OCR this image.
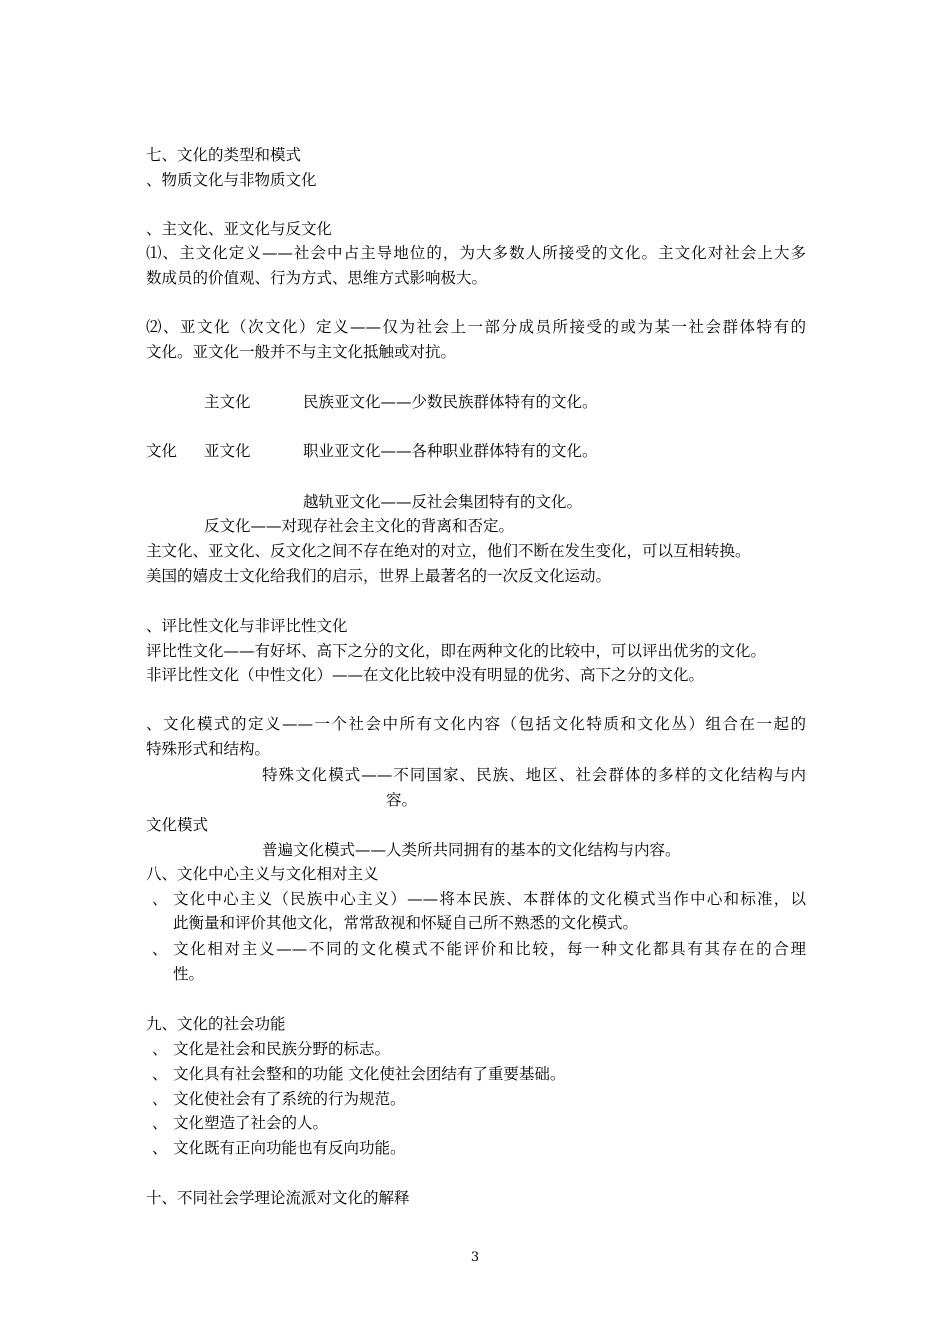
七、文化的类型和模式
、物质文化与非物质文化
、主文化、亚文化与反文化
⑴、主文化定义——社会中占主导地位的，为大多数人所接受的文化。主文化对社会上大多
数成员的价值观、行为方式、思维方式影响极大。
⑵、亚文化（次文化）定义——仅为社会上一部分成员所接受的或为某一社会群体特有的
文化。亚文化一般并不与主文化抵触或对抗。
主文化	民族亚文化——少数民族群体特有的文化。
文化 亚文化	职业亚文化——各种职业群体特有的文化。
越轨亚文化——反社会集团特有的文化。
反文化——对现存社会主文化的背离和否定。
主文化、亚文化、反文化之间不存在绝对的对立，他们不断在发生变化，可以互相转换。
美国的嬉皮士文化给我们的启示，世界上最著名的一次反文化运动。
、评比性文化与非评比性文化
评比性文化——有好坏、高下之分的文化，即在两种文化的比较中，可以评出优劣的文化。
非评比性文化（中性文化）——在文化比较中没有明显的优劣、高下之分的文化。
、文化模式的定义——一个社会中所有文化内容（包括文化特质和文化丛）组合在一起的
特殊形式和结构。
特殊文化模式——不同国家、民族、地区、社会群体的多样的文化结构与内
容。
文化模式
普遍文化模式——人类所共同拥有的基本的文化结构与内容。
八、文化中心主义与文化相对主义
、 文化中心主义（民族中心主义）——将本民族、本群体的文化模式当作中心和标准，以
此衡量和评价其他文化，常常敌视和怀疑自己所不熟悉的文化模式。
、 文化相对主义——不同的文化模式不能评价和比较，每一种文化都具有其存在的合理
性。
九、文化的社会功能
、 文化是社会和民族分野的标志。
、 文化具有社会整和的功能 文化使社会团结有了重要基础。
、 文化使社会有了系统的行为规范。
、 文化塑造了社会的人。
、 文化既有正向功能也有反向功能。
十、不同社会学理论流派对文化的解释
3
